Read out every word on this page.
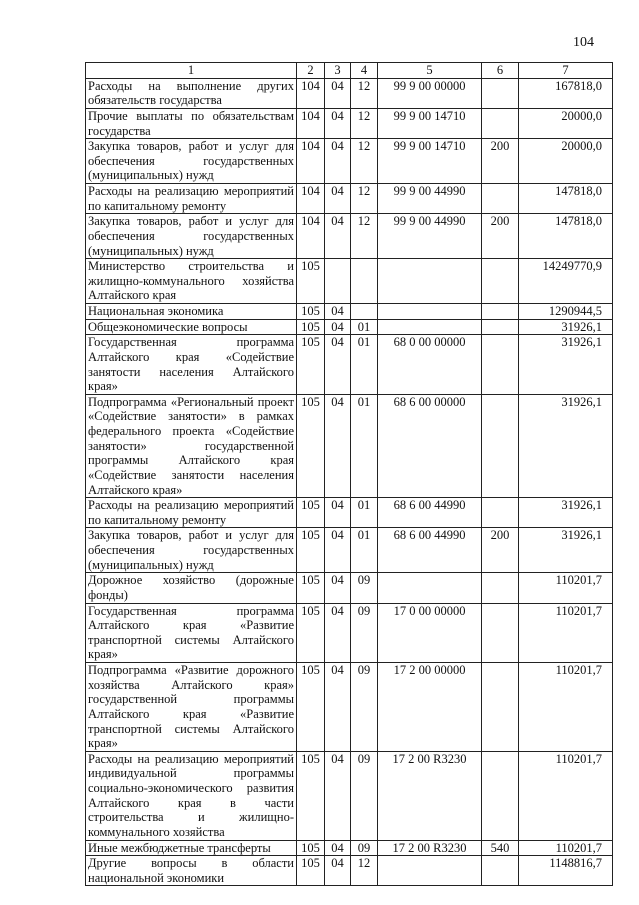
104
1	2	3	4	5	6	7
Расходы на выполнение других обязательств государства	104	04	12	99 9 00 00000		167818,0
Прочие выплаты по обязательствам государства	104	04	12	99 9 00 14710		20000,0
Закупка товаров, работ и услуг для обеспечения государственных (муниципальных) нужд	104	04	12	99 9 00 14710	200	20000,0
Расходы на реализацию мероприятий по капитальному ремонту	104	04	12	99 9 00 44990		147818,0
Закупка товаров, работ и услуг для обеспечения государственных (муниципальных) нужд	104	04	12	99 9 00 44990	200	147818,0
Министерство строительства и жилищно-коммунального хозяйства Алтайского края	105					14249770,9
Национальная экономика	105	04				1290944,5
Общеэкономические вопросы	105	04	01			31926,1
Государственная программа Алтайского края «Содействие занятости населения Алтайского края»	105	04	01	68 0 00 00000		31926,1
Подпрограмма «Региональный проект «Содействие занятости» в рамках федерального проекта «Содействие занятости» государственной программы Алтайского края «Содействие занятости населения Алтайского края»	105	04	01	68 6 00 00000		31926,1
Расходы на реализацию мероприятий по капитальному ремонту	105	04	01	68 6 00 44990		31926,1
Закупка товаров, работ и услуг для обеспечения государственных (муниципальных) нужд	105	04	01	68 6 00 44990	200	31926,1
Дорожное хозяйство (дорожные фонды)	105	04	09			110201,7
Государственная программа Алтайского края «Развитие транспортной системы Алтайского края»	105	04	09	17 0 00 00000		110201,7
Подпрограмма «Развитие дорожного хозяйства Алтайского края» государственной программы Алтайского края «Развитие транспортной системы Алтайского края»	105	04	09	17 2 00 00000		110201,7
Расходы на реализацию мероприятий индивидуальной программы социально-экономического развития Алтайского края в части строительства и жилищно-коммунального хозяйства	105	04	09	17 2 00 R3230		110201,7
Иные межбюджетные трансферты	105	04	09	17 2 00 R3230	540	110201,7
Другие вопросы в области национальной экономики	105	04	12			1148816,7
